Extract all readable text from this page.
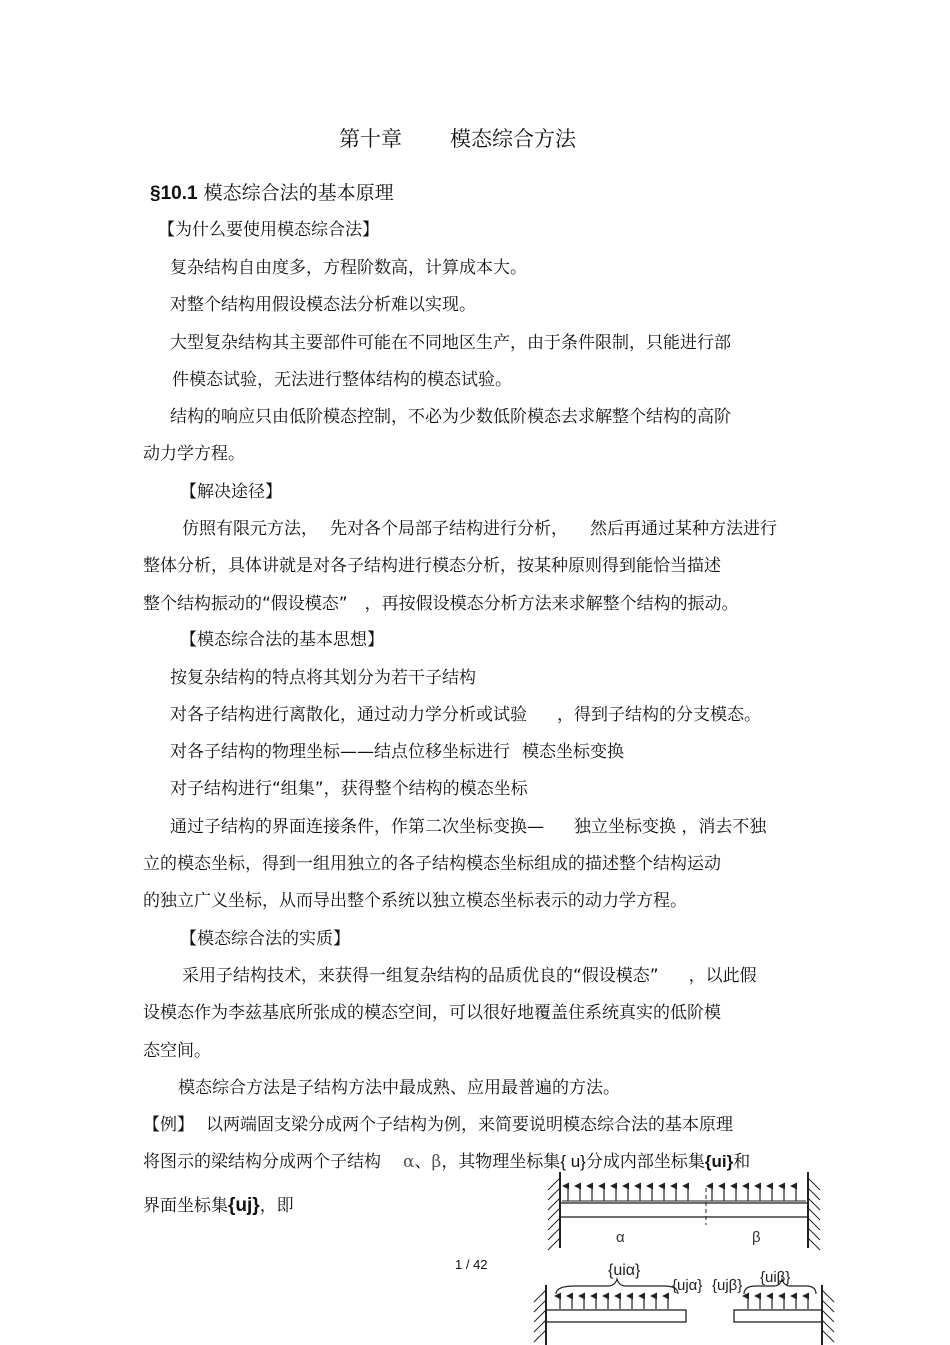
第十章 模态综合方法
§10.1 模态综合法的基本原理
【为什么要使用模态综合法】
复杂结构自由度多，方程阶数高，计算成本大。
对整个结构用假设模态法分析难以实现。
大型复杂结构其主要部件可能在不同地区生产，由于条件限制，只能进行部
件模态试验，无法进行整体结构的模态试验。
结构的响应只由低阶模态控制，不必为少数低阶模态去求解整个结构的高阶
动力学方程。
【解决途径】
仿照有限元方法， 先对各个局部子结构进行分析， 然后再通过某种方法进行
整体分析，具体讲就是对各子结构进行模态分析，按某种原则得到能恰当描述
整个结构振动的“假设模态”　，再按假设模态分析方法来求解整个结构的振动。
【模态综合法的基本思想】
按复杂结构的特点将其划分为若干子结构
对各子结构进行离散化，通过动力学分析或试验 ，得到子结构的分支模态。
对各子结构的物理坐标——结点位移坐标进行 模态坐标变换
对子结构进行“组集”，获得整个结构的模态坐标
通过子结构的界面连接条件，作第二次坐标变换— 独立坐标变换 ，消去不独
立的模态坐标，得到一组用独立的各子结构模态坐标组成的描述整个结构运动
的独立广义坐标，从而导出整个系统以独立模态坐标表示的动力学方程。
【模态综合法的实质】
采用子结构技术，来获得一组复杂结构的品质优良的“假设模态” ，以此假
设模态作为李兹基底所张成的模态空间，可以很好地覆盖住系统真实的低阶模
态空间。
模态综合方法是子结构方法中最成熟、应用最普遍的方法。
【例】 以两端固支梁分成两个子结构为例，来简要说明模态综合法的基本原理
将图示的梁结构分成两个子结构 α、β，其物理坐标集{ u}分成内部坐标集{ui}和
界面坐标集{uj}，即
1 / 42
α	β
{uiα}
{ujα} {ujβ} {uiβ}
